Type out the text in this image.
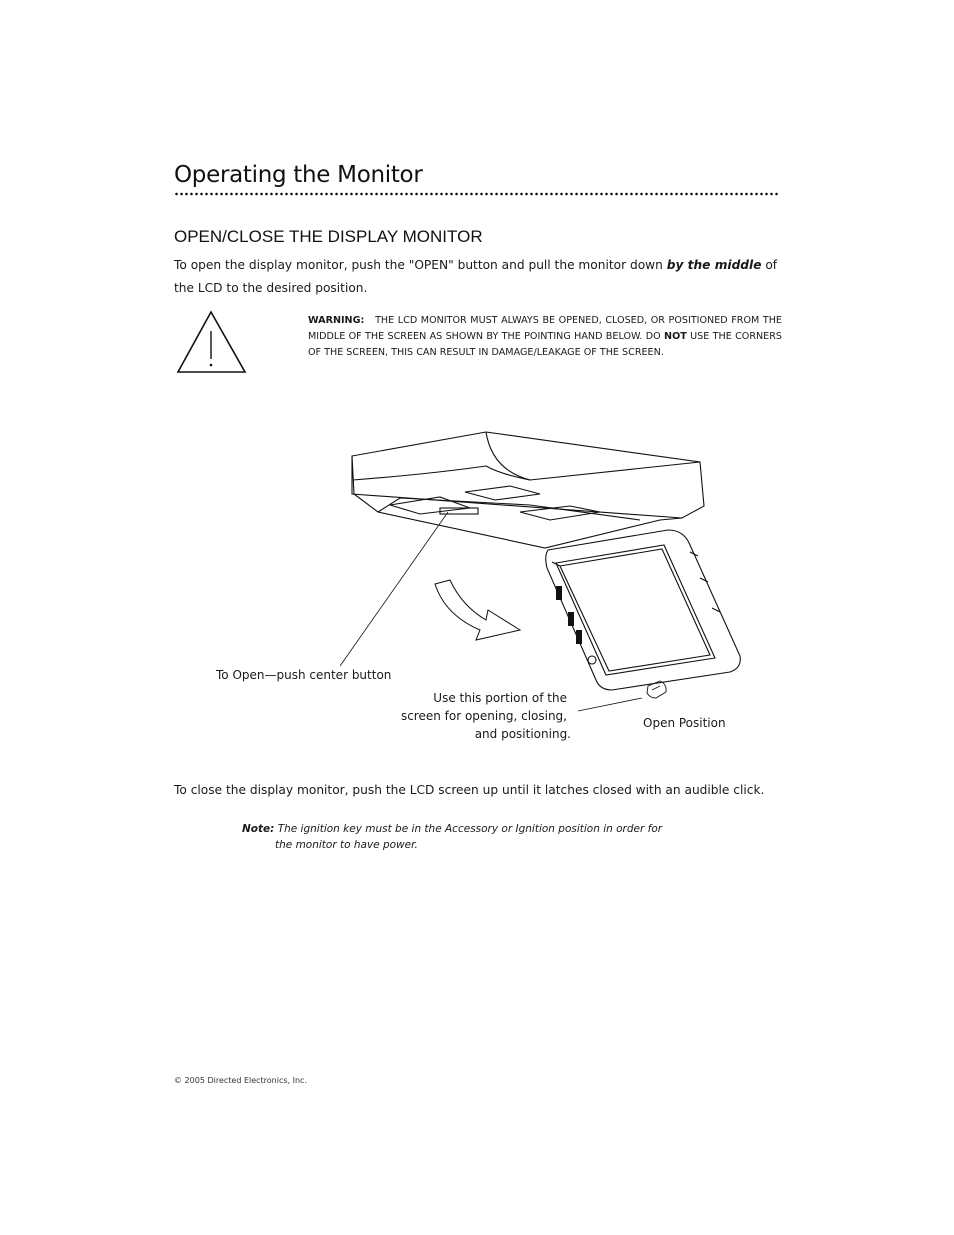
Operating the Monitor
OPEN/CLOSE THE DISPLAY MONITOR
To open the display monitor, push the "OPEN" button and pull the monitor down by the middle of the LCD to the desired position.
WARNING: THE LCD MONITOR MUST ALWAYS BE OPENED, CLOSED, OR POSITIONED FROM THE MIDDLE OF THE SCREEN AS SHOWN BY THE POINTING HAND BELOW. DO NOT USE THE CORNERS OF THE SCREEN, THIS CAN RESULT IN DAMAGE/LEAKAGE OF THE SCREEN.
To Open—push center button
Use this portion of the
screen for opening, closing,
and positioning.
Open Position
To close the display monitor, push the LCD screen up until it latches closed with an audible click.
Note: The ignition key must be in the Accessory or Ignition position in order for
the monitor to have power.
© 2005 Directed Electronics, Inc.
